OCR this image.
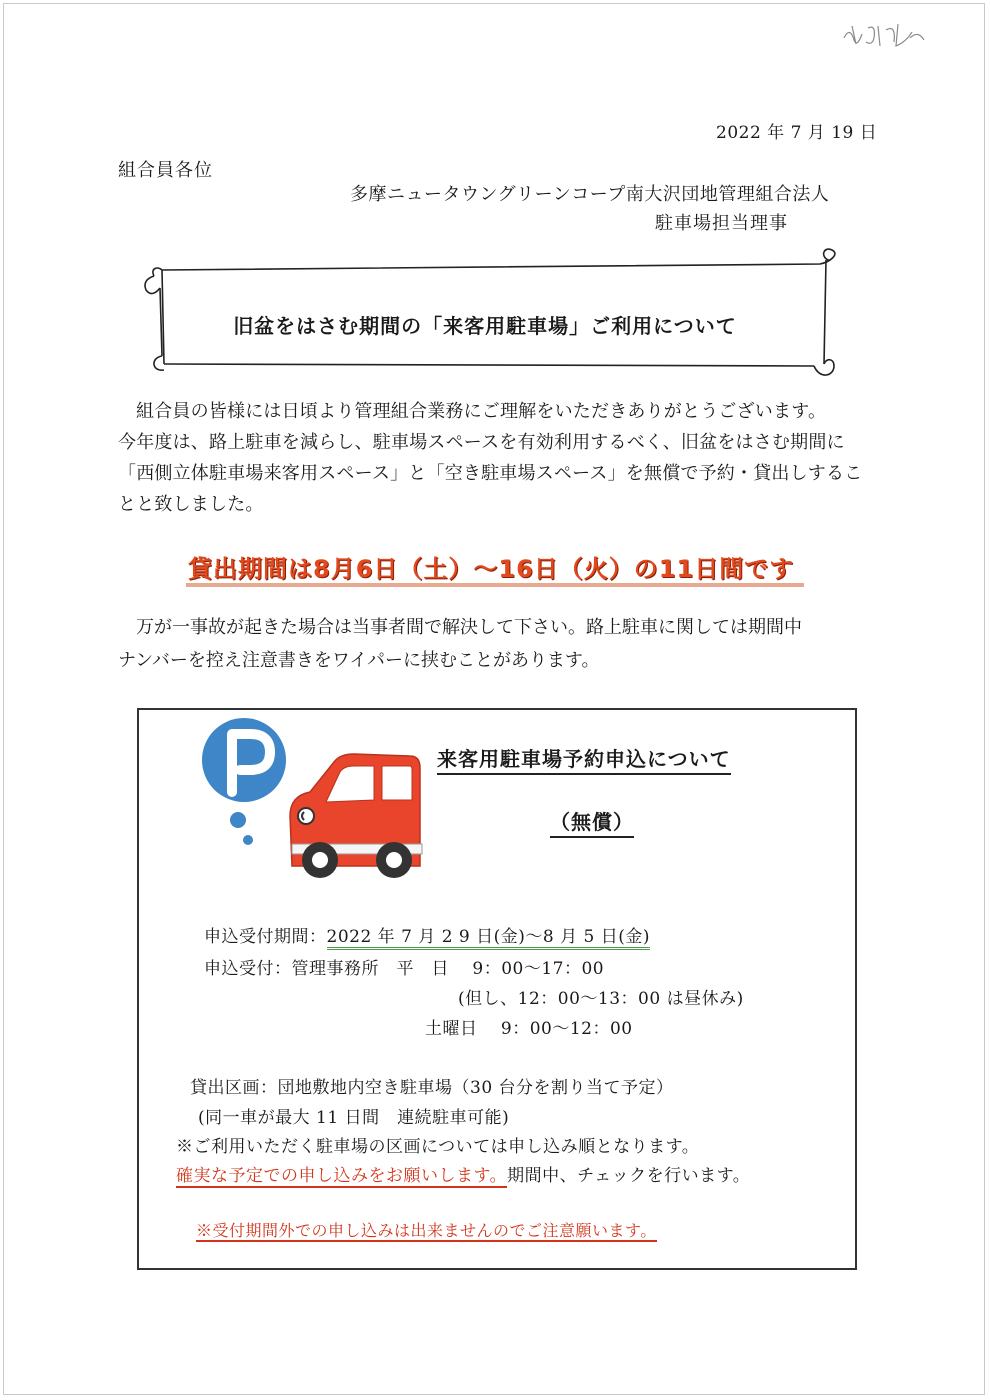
2022 年 7 月 19 日
組合員各位
多摩ニュータウングリーンコープ南大沢団地管理組合法人
駐車場担当理事
旧盆をはさむ期間の「来客用駐車場」ご利用について

組合員の皆様には日頃より管理組合業務にご理解をいただきありがとうございます。

今年度は、路上駐車を減らし、駐車場スペースを有効利用するべく、旧盆をはさむ期間に

「西側立体駐車場来客用スペース」と「空き駐車場スペース」を無償で予約・貸出しするこ

とと致しました。

貸出期間は8月6日（土）～16日（火）の11日間です

万が一事故が起きた場合は当事者間で解決して下さい。路上駐車に関しては期間中

ナンバーを控え注意書きをワイパーに挟むことがあります。

来客用駐車場予約申込について
（無償）
申込受付期間：2022 年 7 月 2 9 日(金)～8 月 5 日(金)
申込受付：管理事務所　平　日　 9：00～17：00
(但し、12：00～13：00 は昼休み)
土曜日　 9：00～12：00
貸出区画：団地敷地内空き駐車場（30 台分を割り当て予定）
(同一車が最大 11 日間　連続駐車可能)
※ご利用いただく駐車場の区画については申し込み順となります。
確実な予定での申し込みをお願いします。期間中、チェックを行います。
※受付期間外での申し込みは出来ませんのでご注意願います。
